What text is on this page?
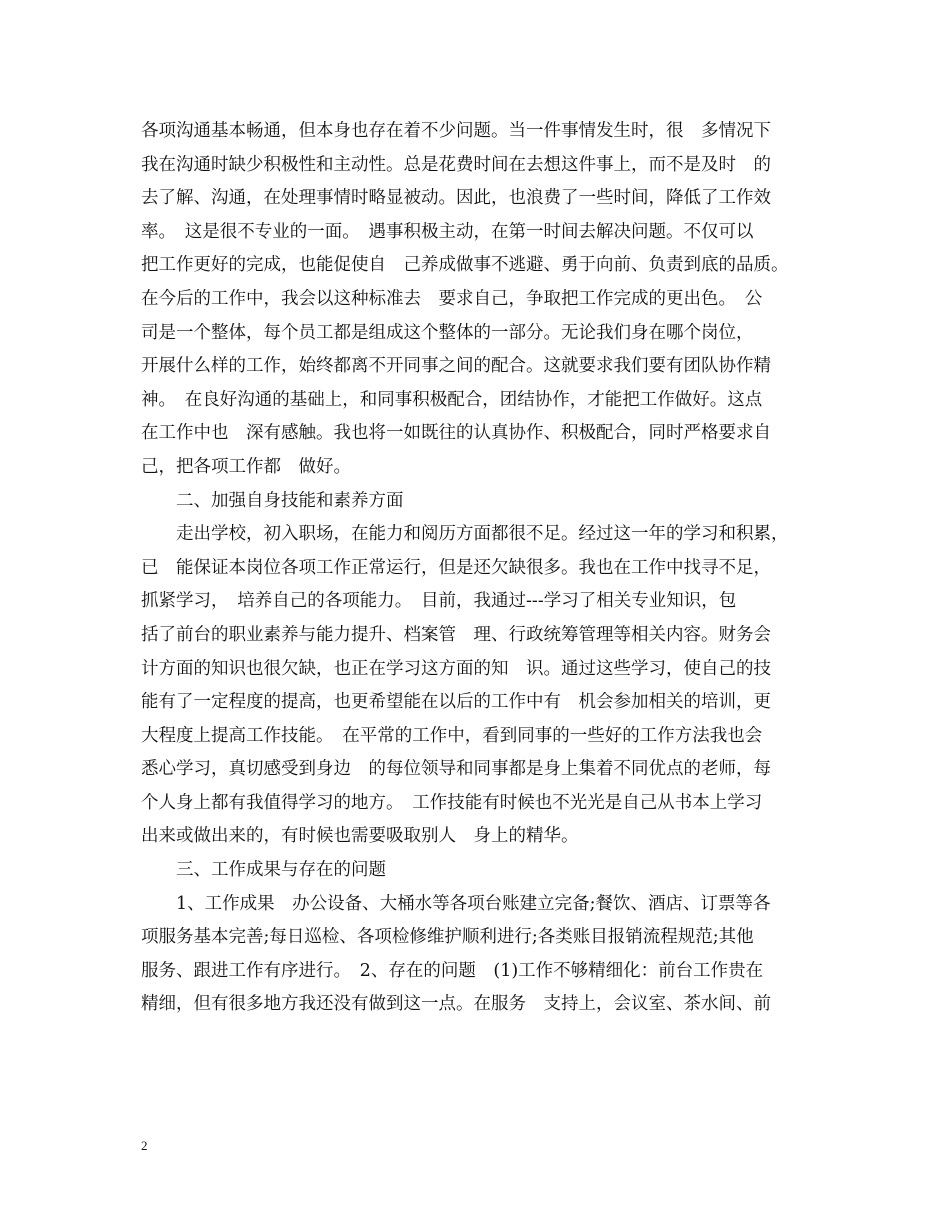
各项沟通基本畅通，但本身也存在着不少问题。当一件事情发生时，很　多情况下
我在沟通时缺少积极性和主动性。总是花费时间在去想这件事上，而不是及时　的
去了解、沟通，在处理事情时略显被动。因此，也浪费了一些时间，降低了工作效
率。　这是很不专业的一面。　遇事积极主动，在第一时间去解决问题。不仅可以
把工作更好的完成，也能促使自　己养成做事不逃避、勇于向前、负责到底的品质。
在今后的工作中，我会以这种标准去　要求自己，争取把工作完成的更出色。　公
司是一个整体，每个员工都是组成这个整体的一部分。无论我们身在哪个岗位，
开展什么样的工作，始终都离不开同事之间的配合。这就要求我们要有团队协作精
神。　在良好沟通的基础上，和同事积极配合，团结协作，才能把工作做好。这点
在工作中也　深有感触。我也将一如既往的认真协作、积极配合，同时严格要求自
己，把各项工作都　做好。
　　二、加强自身技能和素养方面
　　走出学校，初入职场，在能力和阅历方面都很不足。经过这一年的学习和积累，
已　能保证本岗位各项工作正常运行，但是还欠缺很多。我也在工作中找寻不足，
抓紧学习，　培养自己的各项能力。　目前，我通过---学习了相关专业知识，包
括了前台的职业素养与能力提升、档案管　理、行政统筹管理等相关内容。财务会
计方面的知识也很欠缺，也正在学习这方面的知　识。通过这些学习，使自己的技
能有了一定程度的提高，也更希望能在以后的工作中有　机会参加相关的培训，更
大程度上提高工作技能。　在平常的工作中，看到同事的一些好的工作方法我也会
悉心学习，真切感受到身边　的每位领导和同事都是身上集着不同优点的老师，每
个人身上都有我值得学习的地方。　工作技能有时候也不光光是自己从书本上学习
出来或做出来的，有时候也需要吸取别人　身上的精华。
　　三、工作成果与存在的问题
　　1、工作成果　办公设备、大桶水等各项台账建立完备;餐饮、酒店、订票等各
项服务基本完善;每日巡检、各项检修维护顺利进行;各类账目报销流程规范;其他
服务、跟进工作有序进行。　2、存在的问题　(1)工作不够精细化：前台工作贵在
精细，但有很多地方我还没有做到这一点。在服务　支持上，会议室、茶水间、前
2
